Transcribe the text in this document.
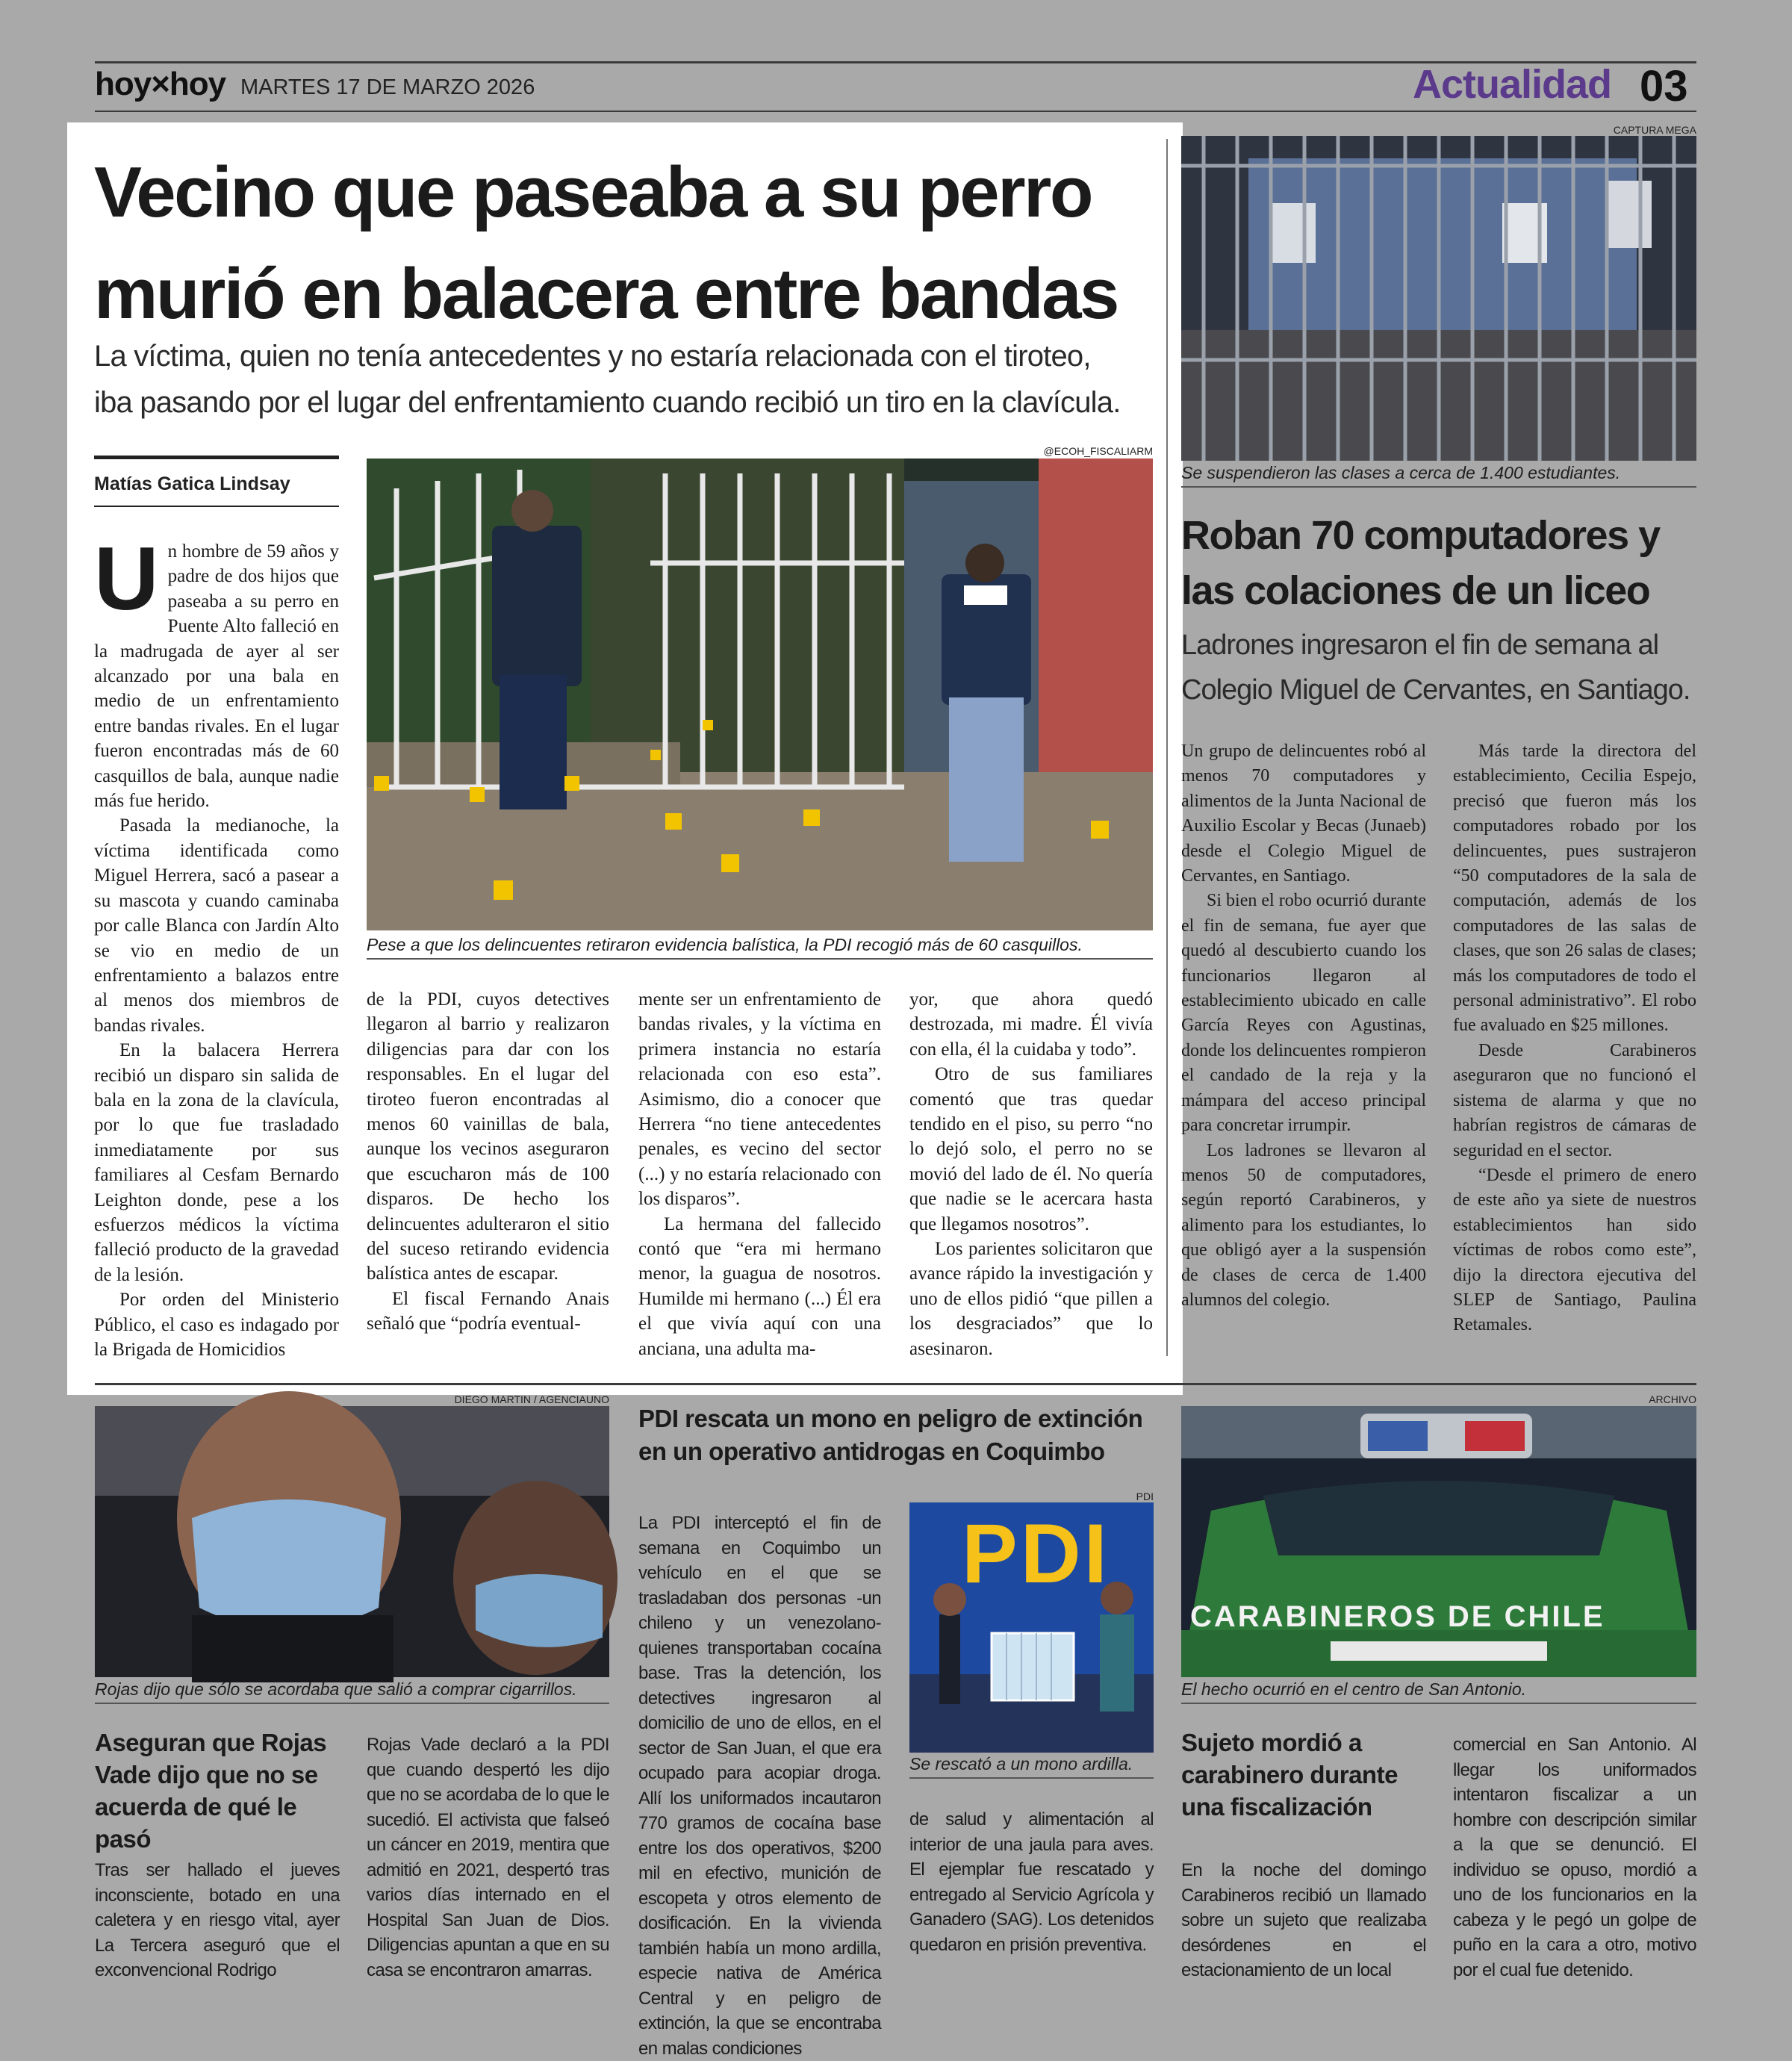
hoy×hoy MARTES 17 DE MARZO 2026	Actualidad 03
Vecino que paseaba a su perro murió en balacera entre bandas
La víctima, quien no tenía antecedentes y no estaría relacionada con el tiroteo, iba pasando por el lugar del enfrentamiento cuando recibió un tiro en la clavícula.
Matías Gatica Lindsay
@ECOH_FISCALIARM
Pese a que los delincuentes retiraron evidencia balística, la PDI recogió más de 60 casquillos.
U n hombre de 59 años y padre de dos hijos que paseaba a su perro en Puente Alto falleció en la madrugada de ayer al ser alcanzado por una bala en medio de un enfrentamiento entre bandas rivales. En el lugar fueron encontradas más de 60 casquillos de bala, aunque nadie más fue herido.

Pasada la medianoche, la víctima identificada como Miguel Herrera, sacó a pasear a su mascota y cuando caminaba por calle Blanca con Jardín Alto se vio en medio de un enfrentamiento a balazos entre al menos dos miembros de bandas rivales.

En la balacera Herrera recibió un disparo sin salida de bala en la zona de la clavícula, por lo que fue trasladado inmediatamente por sus familiares al Cesfam Bernardo Leighton donde, pese a los esfuerzos médicos la víctima falleció producto de la gravedad de la lesión.

Por orden del Ministerio Público, el caso es indagado por la Brigada de Homicidios

de la PDI, cuyos detectives llegaron al barrio y realizaron diligencias para dar con los responsables. En el lugar del tiroteo fueron encontradas al menos 60 vainillas de bala, aunque los vecinos aseguraron que escucharon más de 100 disparos. De hecho los delincuentes adulteraron el sitio del suceso retirando evidencia balística antes de escapar.

El fiscal Fernando Anais señaló que “podría eventual-

mente ser un enfrentamiento de bandas rivales, y la víctima en primera instancia no estaría relacionada con eso esta”. Asimismo, dio a conocer que Herrera “no tiene antecedentes penales, es vecino del sector (...) y no estaría relacionado con los disparos”.

La hermana del fallecido contó que “era mi hermano menor, la guagua de nosotros. Humilde mi hermano (...) Él era el que vivía aquí con una anciana, una adulta ma-

yor, que ahora quedó destrozada, mi madre. Él vivía con ella, él la cuidaba y todo”.

Otro de sus familiares comentó que tras quedar tendido en el piso, su perro “no lo dejó solo, el perro no se movió del lado de él. No quería que nadie se le acercara hasta que llegamos nosotros”.

Los parientes solicitaron que avance rápido la investigación y uno de ellos pidió “que pillen a los desgraciados” que lo asesinaron.

CAPTURA MEGA
Se suspendieron las clases a cerca de 1.400 estudiantes.
Roban 70 computadores y las colaciones de un liceo
Ladrones ingresaron el fin de semana al Colegio Miguel de Cervantes, en Santiago.

Un grupo de delincuentes robó al menos 70 computadores y alimentos de la Junta Nacional de Auxilio Escolar y Becas (Junaeb) desde el Colegio Miguel de Cervantes, en Santiago.

Si bien el robo ocurrió durante el fin de semana, fue ayer que quedó al descubierto cuando los funcionarios llegaron al establecimiento ubicado en calle García Reyes con Agustinas, donde los delincuentes rompieron el candado de la reja y la mámpara del acceso principal para concretar irrumpir.

Los ladrones se llevaron al menos 50 de computadores, según reportó Carabineros, y alimento para los estudiantes, lo que obligó ayer a la suspensión de clases de cerca de 1.400 alumnos del colegio.

Más tarde la directora del establecimiento, Cecilia Espejo, precisó que fueron más los computadores robado por los delincuentes, pues sustrajeron “50 computadores de la sala de computación, además de los computadores de las salas de clases, que son 26 salas de clases; más los computadores de todo el personal administrativo”. El robo fue avaluado en $25 millones.

Desde Carabineros aseguraron que no funcionó el sistema de alarma y que no habrían registros de cámaras de seguridad en el sector.

“Desde el primero de enero de este año ya siete de nuestros establecimientos han sido víctimas de robos como este”, dijo la directora ejecutiva del SLEP de Santiago, Paulina Retamales.

DIEGO MARTIN / AGENCIAUNO
Rojas dijo que sólo se acordaba que salió a comprar cigarrillos.
Aseguran que Rojas Vade dijo que no se acuerda de qué le pasó
Tras ser hallado el jueves inconsciente, botado en una caletera y en riesgo vital, ayer La Tercera aseguró que el exconvencional Rodrigo
Rojas Vade declaró a la PDI que cuando despertó les dijo que no se acordaba de lo que le sucedió. El activista que falseó un cáncer en 2019, mentira que admitió en 2021, despertó tras varios días internado en el Hospital San Juan de Dios. Diligencias apuntan a que en su casa se encontraron amarras.
PDI rescata un mono en peligro de extinción en un operativo antidrogas en Coquimbo
La PDI interceptó el fin de semana en Coquimbo un vehículo en el que se trasladaban dos personas -un chileno y un venezolano- quienes transportaban cocaína base. Tras la detención, los detectives ingresaron al domicilio de uno de ellos, en el sector de San Juan, el que era ocupado para acopiar droga. Allí los uniformados incautaron 770 gramos de cocaína base entre los dos operativos, $200 mil en efectivo, munición de escopeta y otros elemento de dosificación. En la vivienda también había un mono ardilla, especie nativa de América Central y en peligro de extinción, la que se encontraba en malas condiciones
PDI
PDI
Se rescató a un mono ardilla.
de salud y alimentación al interior de una jaula para aves. El ejemplar fue rescatado y entregado al Servicio Agrícola y Ganadero (SAG). Los detenidos quedaron en prisión preventiva.
ARCHIVO
CARABINEROS DE CHILE
El hecho ocurrió en el centro de San Antonio.
Sujeto mordió a carabinero durante una fiscalización
En la noche del domingo Carabineros recibió un llamado sobre un sujeto que realizaba desórdenes en el estacionamiento de un local
comercial en San Antonio. Al llegar los uniformados intentaron fiscalizar a un hombre con descripción similar a la que se denunció. El individuo se opuso, mordió a uno de los funcionarios en la cabeza y le pegó un golpe de puño en la cara a otro, motivo por el cual fue detenido.
